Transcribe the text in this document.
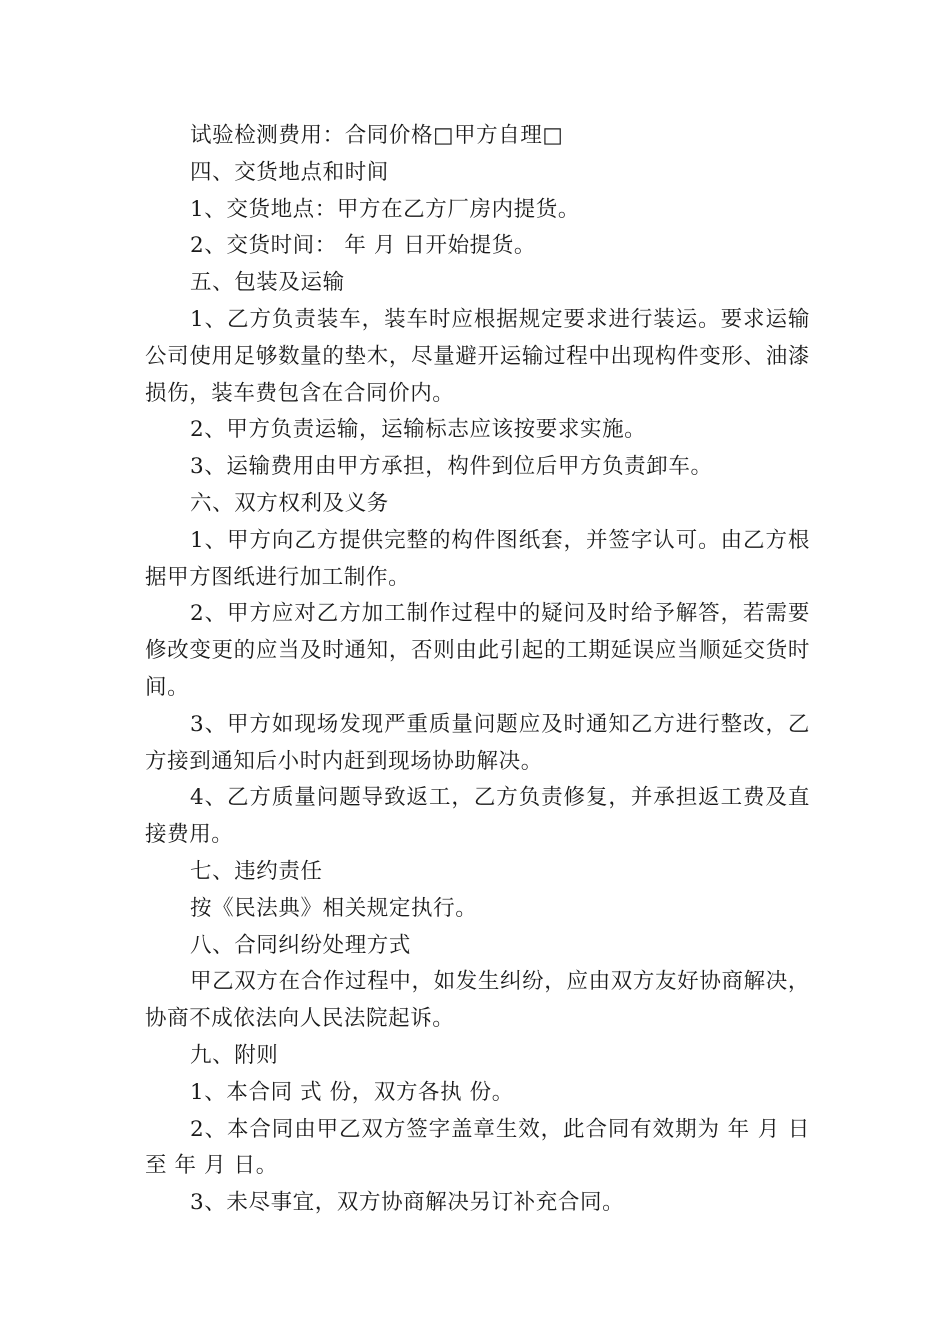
试验检测费用：合同价格□甲方自理□

四、交货地点和时间

1、交货地点：甲方在乙方厂房内提货。

2、交货时间： 年 月 日开始提货。

五、包装及运输

1、乙方负责装车，装车时应根据规定要求进行装运。要求运输公司使用足够数量的垫木，尽量避开运输过程中出现构件变形、油漆损伤，装车费包含在合同价内。

2、甲方负责运输，运输标志应该按要求实施。

3、运输费用由甲方承担，构件到位后甲方负责卸车。

六、双方权利及义务

1、甲方向乙方提供完整的构件图纸套，并签字认可。由乙方根据甲方图纸进行加工制作。

2、甲方应对乙方加工制作过程中的疑问及时给予解答，若需要修改变更的应当及时通知，否则由此引起的工期延误应当顺延交货时间。

3、甲方如现场发现严重质量问题应及时通知乙方进行整改，乙方接到通知后小时内赶到现场协助解决。

4、乙方质量问题导致返工，乙方负责修复，并承担返工费及直接费用。

七、违约责任

按《民法典》相关规定执行。

八、合同纠纷处理方式

甲乙双方在合作过程中，如发生纠纷，应由双方友好协商解决，协商不成依法向人民法院起诉。

九、附则

1、本合同 式 份，双方各执 份。

2、本合同由甲乙双方签字盖章生效，此合同有效期为 年 月 日至 年 月 日。

3、未尽事宜，双方协商解决另订补充合同。
